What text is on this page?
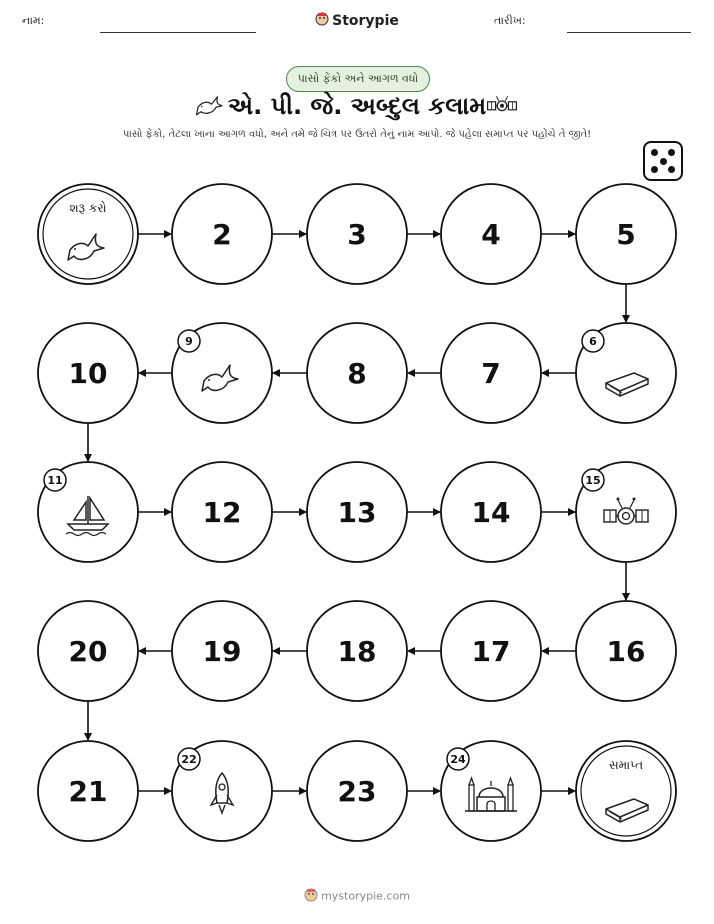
નામ:	Storypie	તારીખ:
પાસો ફેંકો અને આગળ વધો
એ. પી. જે. અબ્દુલ કલામ
પાસો ફેંકો, તેટલા ખાના આગળ વધો, અને તમે જે ચિત્ર પર ઉતરો તેનું નામ આપો. જે પહેલા સમાપ્ત પર પહોંચે તે જીતે!
શરૂ કરો
2	3	4	5
6
7
8
9
10
11
12	13	14
15
16
17
18
19
20
21
22
23
24	સમાપ્ત
mystorypie.com
